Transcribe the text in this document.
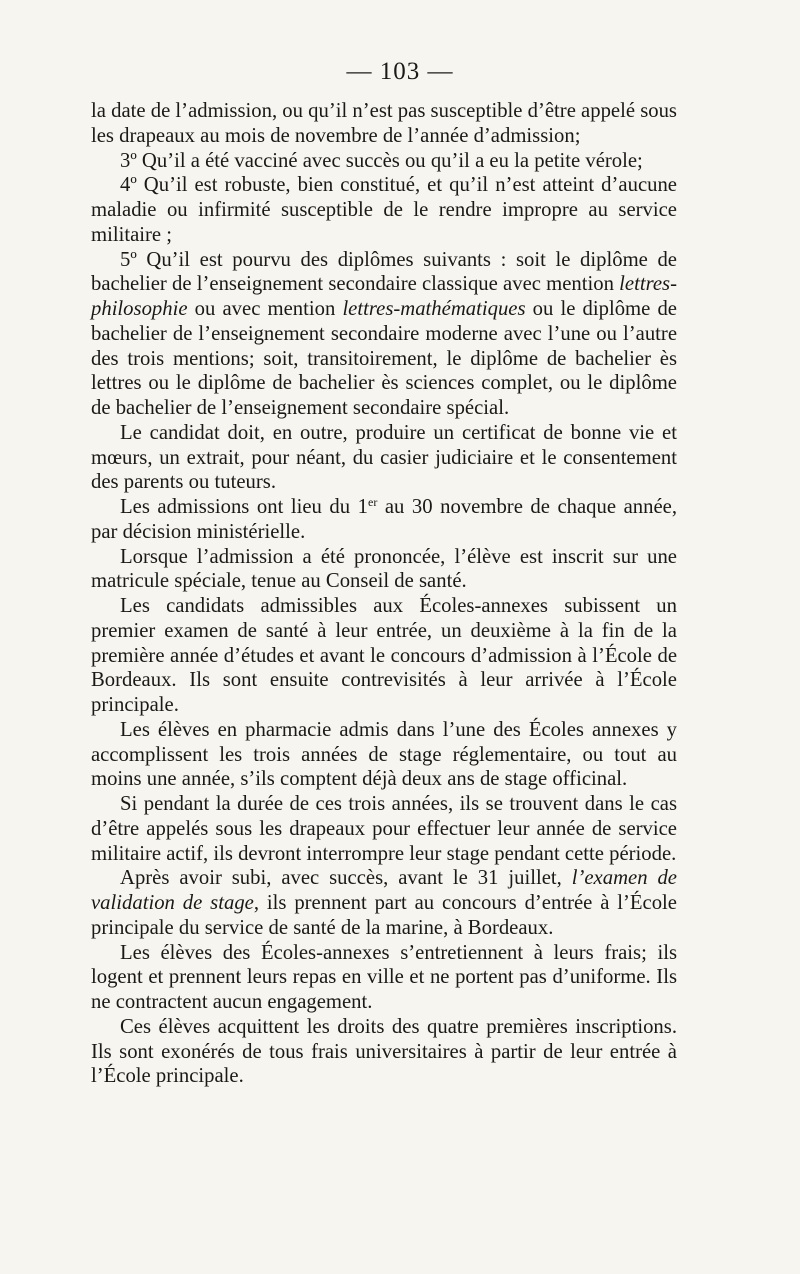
— 103 —

la date de l’admission, ou qu’il n’est pas susceptible d’être appelé sous les drapeaux au mois de novembre de l’année d’admission;

3º Qu’il a été vacciné avec succès ou qu’il a eu la petite vérole;

4º Qu’il est robuste, bien constitué, et qu’il n’est atteint d’aucune maladie ou infirmité susceptible de le rendre impropre au service militaire ;

5º Qu’il est pourvu des diplômes suivants : soit le diplôme de bachelier de l’enseignement secondaire classique avec mention lettres-philosophie ou avec mention lettres-mathématiques ou le diplôme de bachelier de l’enseignement secondaire moderne avec l’une ou l’autre des trois mentions; soit, transitoirement, le diplôme de bachelier ès lettres ou le diplôme de bachelier ès sciences complet, ou le diplôme de bachelier de l’enseignement secondaire spécial.

Le candidat doit, en outre, produire un certificat de bonne vie et mœurs, un extrait, pour néant, du casier judiciaire et le consentement des parents ou tuteurs.

Les admissions ont lieu du 1er au 30 novembre de chaque année, par décision ministérielle.

Lorsque l’admission a été prononcée, l’élève est inscrit sur une matricule spéciale, tenue au Conseil de santé.

Les candidats admissibles aux Écoles-annexes subissent un premier examen de santé à leur entrée, un deuxième à la fin de la première année d’études et avant le concours d’admission à l’École de Bordeaux. Ils sont ensuite contrevisités à leur arrivée à l’École principale.

Les élèves en pharmacie admis dans l’une des Écoles annexes y accomplissent les trois années de stage réglementaire, ou tout au moins une année, s’ils comptent déjà deux ans de stage officinal.

Si pendant la durée de ces trois années, ils se trouvent dans le cas d’être appelés sous les drapeaux pour effectuer leur année de service militaire actif, ils devront interrompre leur stage pendant cette période.

Après avoir subi, avec succès, avant le 31 juillet, l’examen de validation de stage, ils prennent part au concours d’entrée à l’École principale du service de santé de la marine, à Bordeaux.

Les élèves des Écoles-annexes s’entretiennent à leurs frais; ils logent et prennent leurs repas en ville et ne portent pas d’uniforme. Ils ne contractent aucun engagement.

Ces élèves acquittent les droits des quatre premières inscriptions. Ils sont exonérés de tous frais universitaires à partir de leur entrée à l’École principale.
